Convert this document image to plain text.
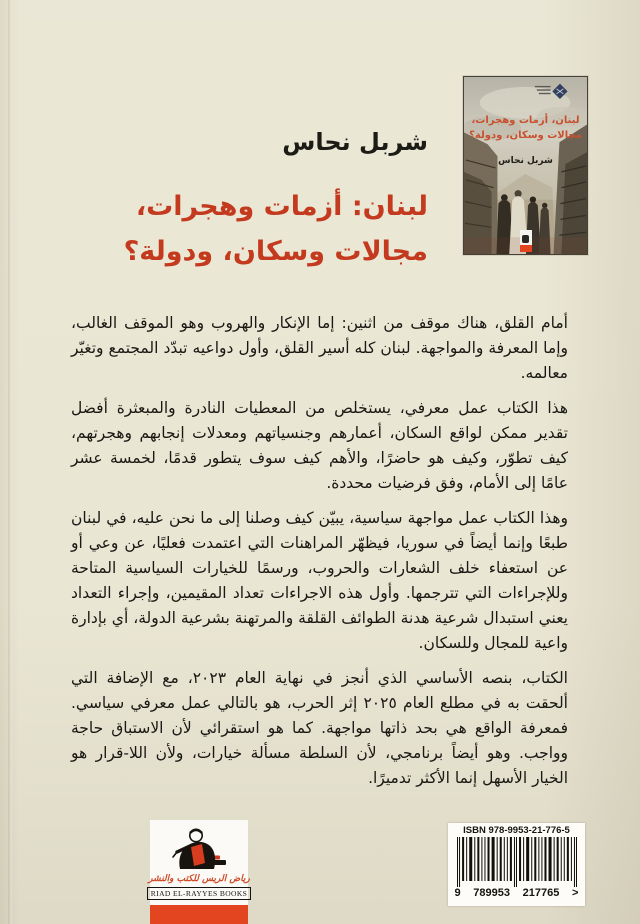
شربل نحاس
لبنان: أزمات وهجرات،
مجالات وسكان، ودولة؟
لبنان، أزمات وهجرات،
مجالات وسكان، ودولة؟
شربل نحاس

أمام القلق، هناك موقف من اثنين: إما الإنكار والهروب وهو الموقف الغالب، وإما المعرفة والمواجهة. لبنان كله أسير القلق، وأول دواعيه تبدّد المجتمع وتغيّر معالمه.

هذا الكتاب عمل معرفي، يستخلص من المعطيات النادرة والمبعثرة أفضل تقدير ممكن لواقع السكان، أعمارهم وجنسياتهم ومعدلات إنجابهم وهجرتهم، كيف تطوّر، وكيف هو حاضرًا، والأهم كيف سوف يتطور قدمًا، لخمسة عشر عامًا إلى الأمام، وفق فرضيات محددة.

وهذا الكتاب عمل مواجهة سياسية، يبيّن كيف وصلنا إلى ما نحن عليه، في لبنان طبعًا وإنما أيضاً في سوريا، فيظهّر المراهنات التي اعتمدت فعليًا، عن وعي أو عن استعفاء خلف الشعارات والحروب، ورسمًا للخيارات السياسية المتاحة وللإجراءات التي تترجمها. وأول هذه الاجراءات تعداد المقيمين، وإجراء التعداد يعني استبدال شرعية هدنة الطوائف القلقة والمرتهنة بشرعية الدولة، أي بإدارة واعية للمجال وللسكان.

الكتاب، بنصه الأساسي الذي أنجز في نهاية العام ٢٠٢٣، مع الإضافة التي ألحقت به في مطلع العام ٢٠٢٥ إثر الحرب، هو بالتالي عمل معرفي سياسي. فمعرفة الواقع هي بحد ذاتها مواجهة. كما هو استقرائي لأن الاستباق حاجة وواجب. وهو أيضاً برنامجي، لأن السلطة مسألة خيارات، ولأن اللا-قرار هو الخيار الأسهل إنما الأكثر تدميرًا.

رياض الريس للكتب والنشر
RIAD EL-RAYYES BOOKS
ISBN 978-9953-21-776-5
9 789953 217765 >
